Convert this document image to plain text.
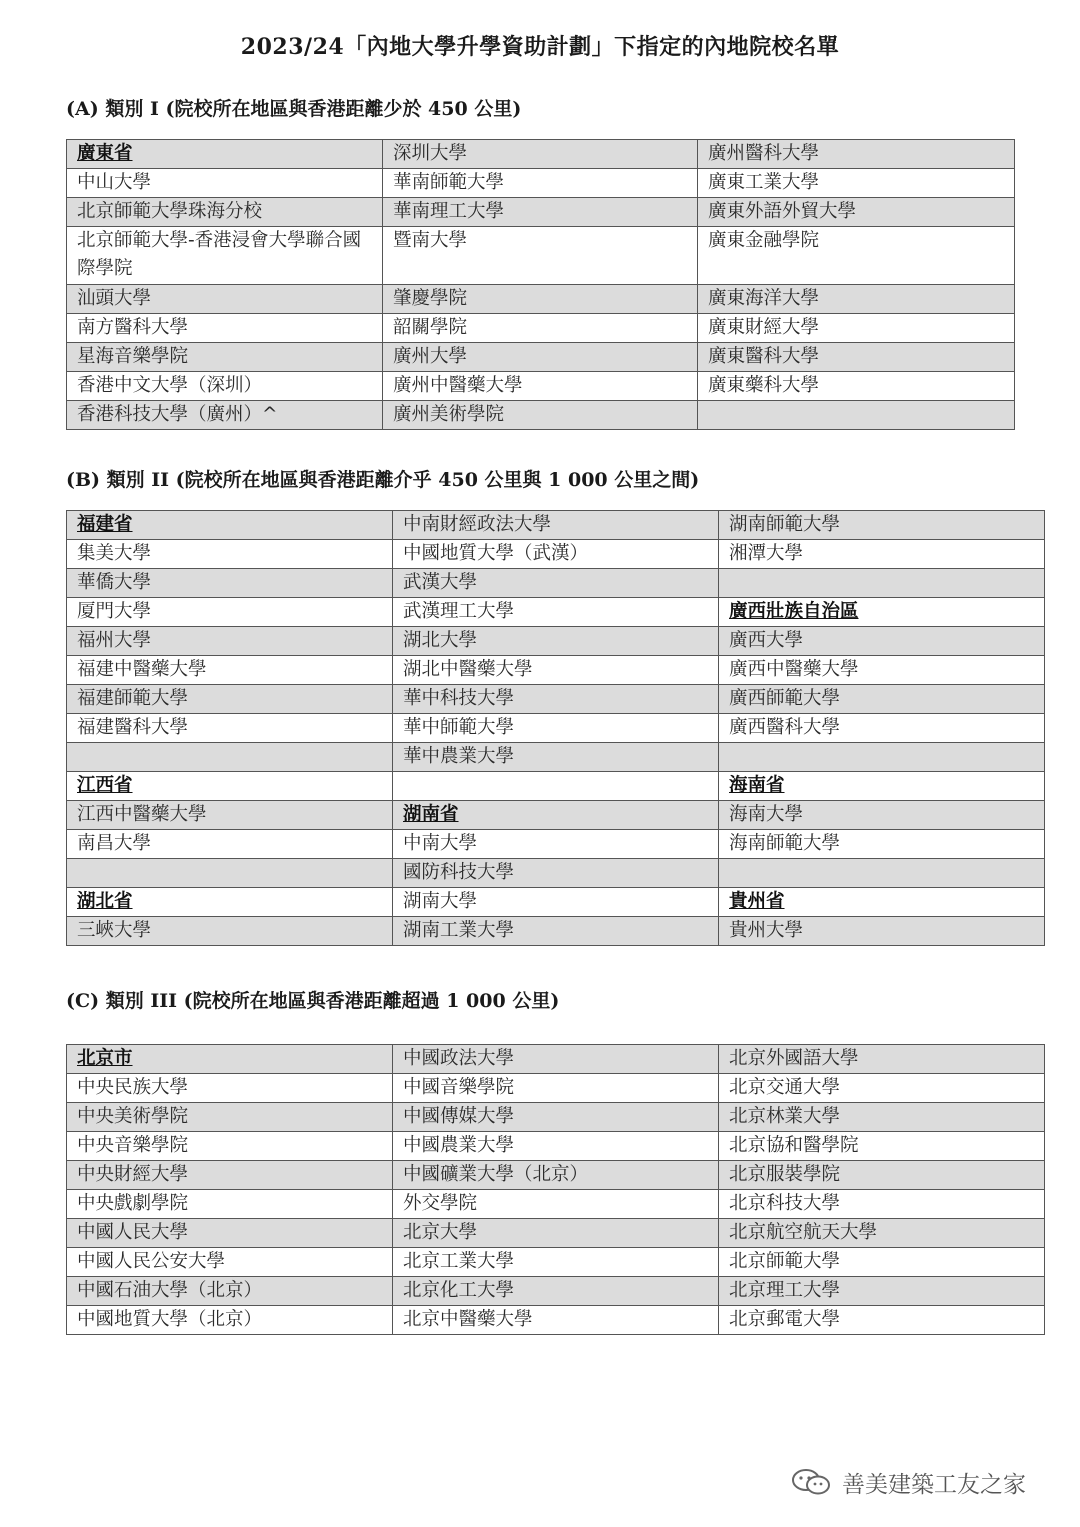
2023/24「內地大學升學資助計劃」下指定的內地院校名單
(A) 類別 I (院校所在地區與香港距離少於 450 公里)
廣東省	深圳大學	廣州醫科大學
中山大學	華南師範大學	廣東工業大學
北京師範大學珠海分校	華南理工大學	廣東外語外貿大學
北京師範大學-香港浸會大學聯合國際學院	暨南大學	廣東金融學院
汕頭大學	肇慶學院	廣東海洋大學
南方醫科大學	韶關學院	廣東財經大學
星海音樂學院	廣州大學	廣東醫科大學
香港中文大學（深圳）	廣州中醫藥大學	廣東藥科大學
香港科技大學（廣州）^	廣州美術學院	
(B) 類別 II (院校所在地區與香港距離介乎 450 公里與 1 000 公里之間)
福建省	中南財經政法大學	湖南師範大學
集美大學	中國地質大學（武漢）	湘潭大學
華僑大學	武漢大學	
厦門大學	武漢理工大學	廣西壯族自治區
福州大學	湖北大學	廣西大學
福建中醫藥大學	湖北中醫藥大學	廣西中醫藥大學
福建師範大學	華中科技大學	廣西師範大學
福建醫科大學	華中師範大學	廣西醫科大學
	華中農業大學	
江西省		海南省
江西中醫藥大學	湖南省	海南大學
南昌大學	中南大學	海南師範大學
	國防科技大學	
湖北省	湖南大學	貴州省
三峽大學	湖南工業大學	貴州大學
(C) 類別 III (院校所在地區與香港距離超過 1 000 公里)
北京市	中國政法大學	北京外國語大學
中央民族大學	中國音樂學院	北京交通大學
中央美術學院	中國傳媒大學	北京林業大學
中央音樂學院	中國農業大學	北京協和醫學院
中央財經大學	中國礦業大學（北京）	北京服裝學院
中央戲劇學院	外交學院	北京科技大學
中國人民大學	北京大學	北京航空航天大學
中國人民公安大學	北京工業大學	北京師範大學
中國石油大學（北京）	北京化工大學	北京理工大學
中國地質大學（北京）	北京中醫藥大學	北京郵電大學
善美建築工友之家
